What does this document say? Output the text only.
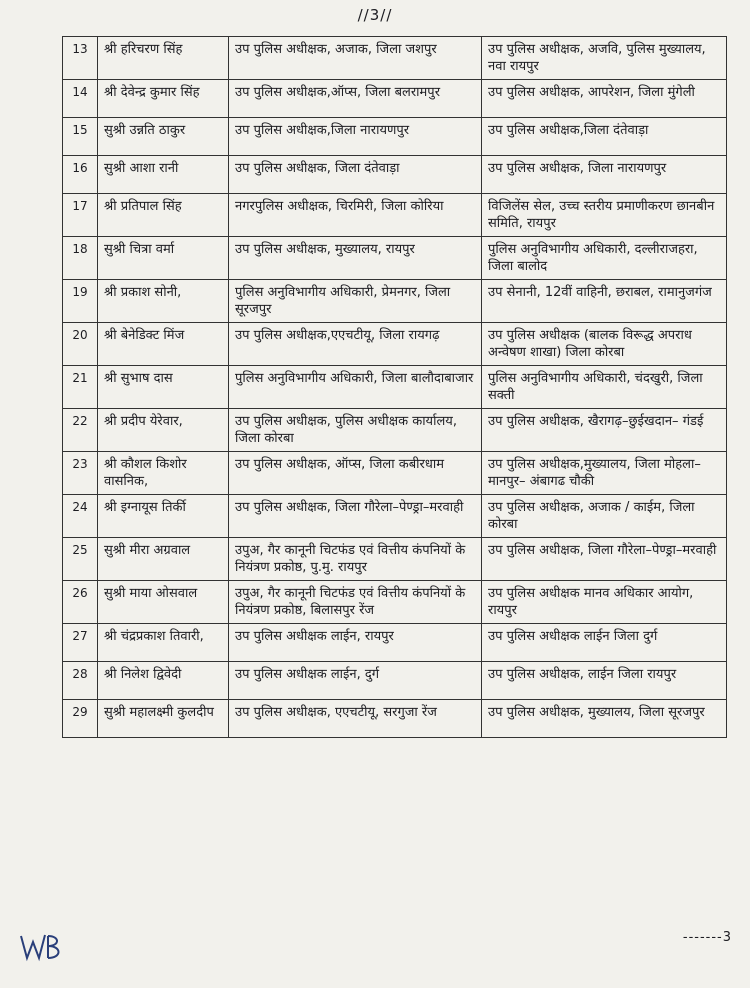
//3//
13	श्री हरिचरण सिंह	उप पुलिस अधीक्षक, अजाक, जिला जशपुर	उप पुलिस अधीक्षक, अजवि, पुलिस मुख्यालय, नवा रायपुर
14	श्री देवेन्द्र कुमार सिंह	उप पुलिस अधीक्षक,ऑप्स, जिला बलरामपुर	उप पुलिस अधीक्षक, आपरेशन, जिला मुंगेली
15	सुश्री उन्नति ठाकुर	उप पुलिस अधीक्षक,जिला नारायणपुर	उप पुलिस अधीक्षक,जिला दंतेवाड़ा
16	सुश्री आशा रानी	उप पुलिस अधीक्षक, जिला दंतेवाड़ा	उप पुलिस अधीक्षक, जिला नारायणपुर
17	श्री प्रतिपाल सिंह	नगरपुलिस अधीक्षक, चिरमिरी, जिला कोरिया	विजिलेंस सेल, उच्च स्तरीय प्रमाणीकरण छानबीन समिति, रायपुर
18	सुश्री चित्रा वर्मा	उप पुलिस अधीक्षक, मुख्यालय, रायपुर	पुलिस अनुविभागीय अधिकारी, दल्लीराजहरा, जिला बालोद
19	श्री प्रकाश सोनी,	पुलिस अनुविभागीय अधिकारी, प्रेमनगर, जिला सूरजपुर	उप सेनानी, 12वीं वाहिनी, छराबल, रामानुजगंज
20	श्री बेनेडिक्ट मिंज	उप पुलिस अधीक्षक,एएचटीयू, जिला रायगढ़	उप पुलिस अधीक्षक (बालक विरूद्ध अपराध अन्वेषण शाखा) जिला कोरबा
21	श्री सुभाष दास	पुलिस अनुविभागीय अधिकारी, जिला बालौदाबाजार	पुलिस अनुविभागीय अधिकारी, चंदखुरी, जिला सक्ती
22	श्री प्रदीप येरेवार,	उप पुलिस अधीक्षक, पुलिस अधीक्षक कार्यालय, जिला कोरबा	उप पुलिस अधीक्षक, खैरागढ़–छुईखदान– गंडई
23	श्री कौशल किशोर वासनिक,	उप पुलिस अधीक्षक, ऑप्स, जिला कबीरधाम	उप पुलिस अधीक्षक,मुख्यालय, जिला मोहला–मानपुर– अंबागढ चौकी
24	श्री इग्नायूस तिर्की	उप पुलिस अधीक्षक, जिला गौरेला–पेण्ड्रा–मरवाही	उप पुलिस अधीक्षक, अजाक / काईम, जिला कोरबा
25	सुश्री मीरा अग्रवाल	उपुअ, गैर कानूनी चिटफंड एवं वित्तीय कंपनियों के नियंत्रण प्रकोष्ठ, पु.मु. रायपुर	उप पुलिस अधीक्षक, जिला गौरेला–पेण्ड्रा–मरवाही
26	सुश्री माया ओसवाल	उपुअ, गैर कानूनी चिटफंड एवं वित्तीय कंपनियों के नियंत्रण प्रकोष्ठ, बिलासपुर रेंज	उप पुलिस अधीक्षक मानव अधिकार आयोग, रायपुर
27	श्री चंद्रप्रकाश तिवारी,	उप पुलिस अधीक्षक लाईन, रायपुर	उप पुलिस अधीक्षक लाईन जिला दुर्ग
28	श्री निलेश द्विवेदी	उप पुलिस अधीक्षक लाईन, दुर्ग	उप पुलिस अधीक्षक, लाईन जिला रायपुर
29	सुश्री महालक्ष्मी कुलदीप	उप पुलिस अधीक्षक, एएचटीयू, सरगुजा रेंज	उप पुलिस अधीक्षक, मुख्यालय, जिला सूरजपुर
-------3
